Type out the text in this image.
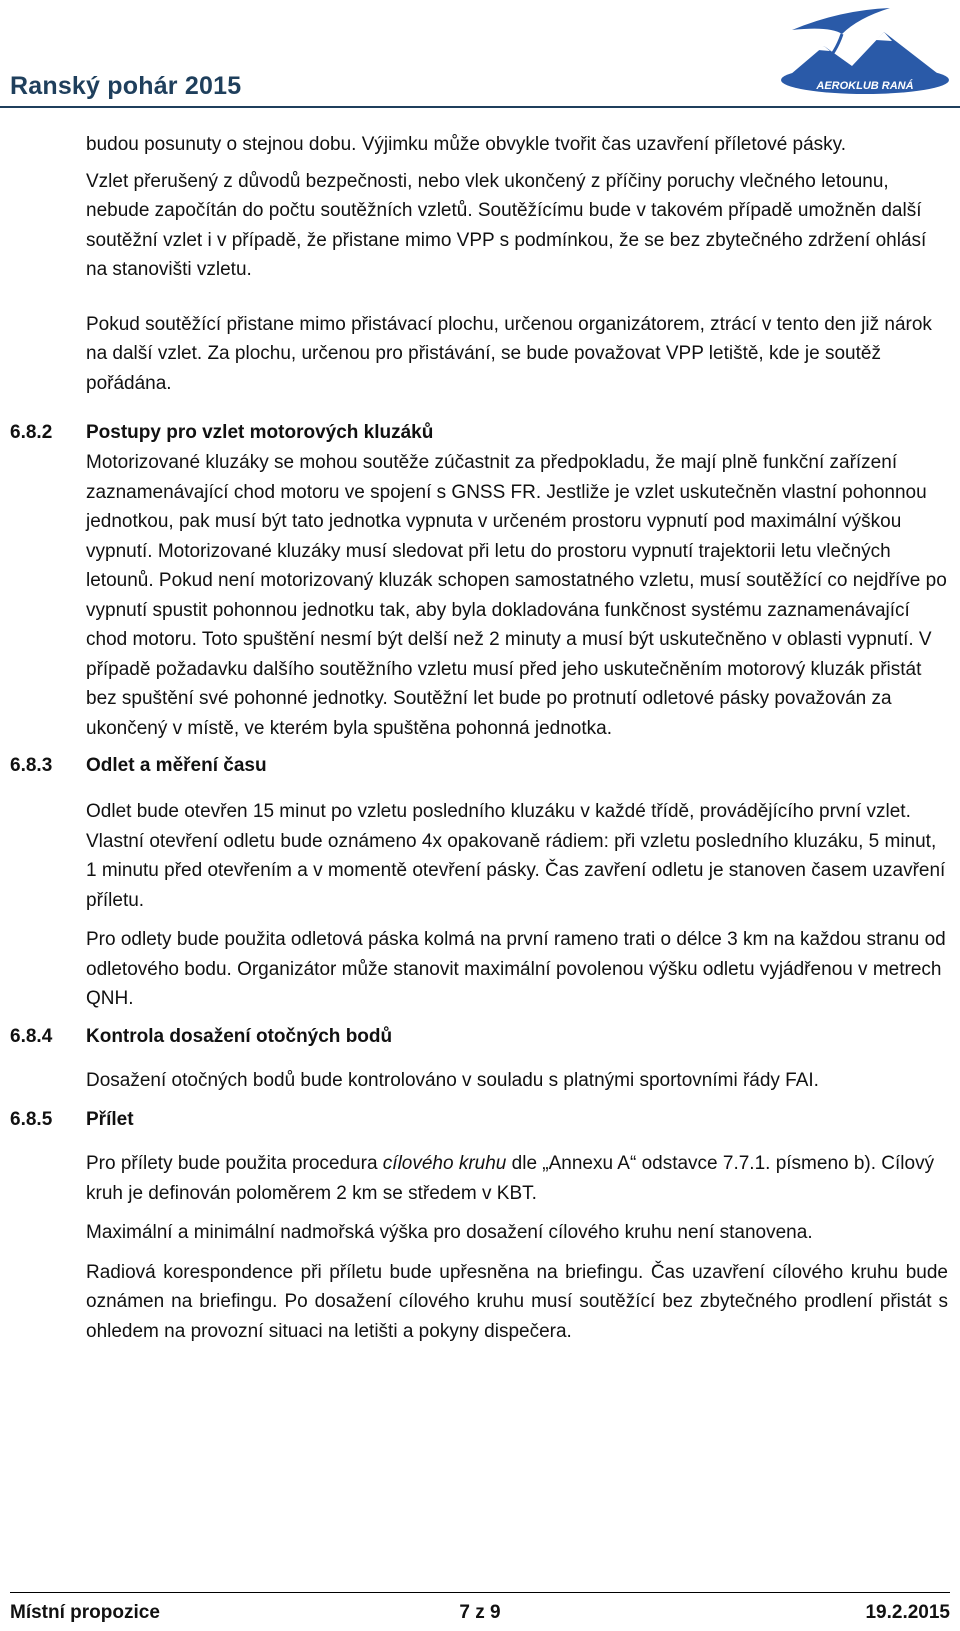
Ranský pohár 2015	AEROKLUB RANÁ

budou posunuty o stejnou dobu. Výjimku může obvykle tvořit čas uzavření příletové pásky.

Vzlet přerušený z důvodů bezpečnosti, nebo vlek ukončený z příčiny poruchy vlečného letounu, nebude započítán do počtu soutěžních vzletů. Soutěžícímu bude v takovém případě umožněn další soutěžní vzlet i v případě, že přistane mimo VPP s podmínkou, že se bez zbytečného zdržení ohlásí na stanovišti vzletu.

Pokud soutěžící přistane mimo přistávací plochu, určenou organizátorem, ztrácí v tento den již nárok na další vzlet. Za plochu, určenou pro přistávání, se bude považovat VPP letiště, kde je soutěž pořádána.

6.8.2 Postupy pro vzlet motorových kluzáků

Motorizované kluzáky se mohou soutěže zúčastnit za předpokladu, že mají plně funkční zařízení zaznamenávající chod motoru ve spojení s GNSS FR. Jestliže je vzlet uskutečněn vlastní pohonnou jednotkou, pak musí být tato jednotka vypnuta v určeném prostoru vypnutí pod maximální výškou vypnutí. Motorizované kluzáky musí sledovat při letu do prostoru vypnutí trajektorii letu vlečných letounů. Pokud není motorizovaný kluzák schopen samostatného vzletu, musí soutěžící co nejdříve po vypnutí spustit pohonnou jednotku tak, aby byla dokladována funkčnost systému zaznamenávající chod motoru. Toto spuštění nesmí být delší než 2 minuty a musí být uskutečněno v oblasti vypnutí. V případě požadavku dalšího soutěžního vzletu musí před jeho uskutečněním motorový kluzák přistát bez spuštění své pohonné jednotky. Soutěžní let bude po protnutí odletové pásky považován za ukončený v místě, ve kterém byla spuštěna pohonná jednotka.

6.8.3 Odlet a měření času

Odlet bude otevřen 15 minut po vzletu posledního kluzáku v každé třídě, provádějícího první vzlet. Vlastní otevření odletu bude oznámeno 4x opakovaně rádiem: při vzletu posledního kluzáku, 5 minut, 1 minutu před otevřením a v momentě otevření pásky. Čas zavření odletu je stanoven časem uzavření příletu.

Pro odlety bude použita odletová páska kolmá na první rameno trati o délce 3 km na každou stranu od odletového bodu. Organizátor může stanovit maximální povolenou výšku odletu vyjádřenou v metrech QNH.

6.8.4 Kontrola dosažení otočných bodů

Dosažení otočných bodů bude kontrolováno v souladu s platnými sportovními řády FAI.

6.8.5 Přílet

Pro přílety bude použita procedura cílového kruhu dle „Annexu A“ odstavce 7.7.1. písmeno b). Cílový kruh je definován poloměrem 2 km se středem v KBT.

Maximální a minimální nadmořská výška pro dosažení cílového kruhu není stanovena.

Radiová korespondence při příletu bude upřesněna na briefingu. Čas uzavření cílového kruhu bude oznámen na briefingu. Po dosažení cílového kruhu musí soutěžící bez zbytečného prodlení přistát s ohledem na provozní situaci na letišti a pokyny dispečera.

Místní propozice	7 z 9	19.2.2015
